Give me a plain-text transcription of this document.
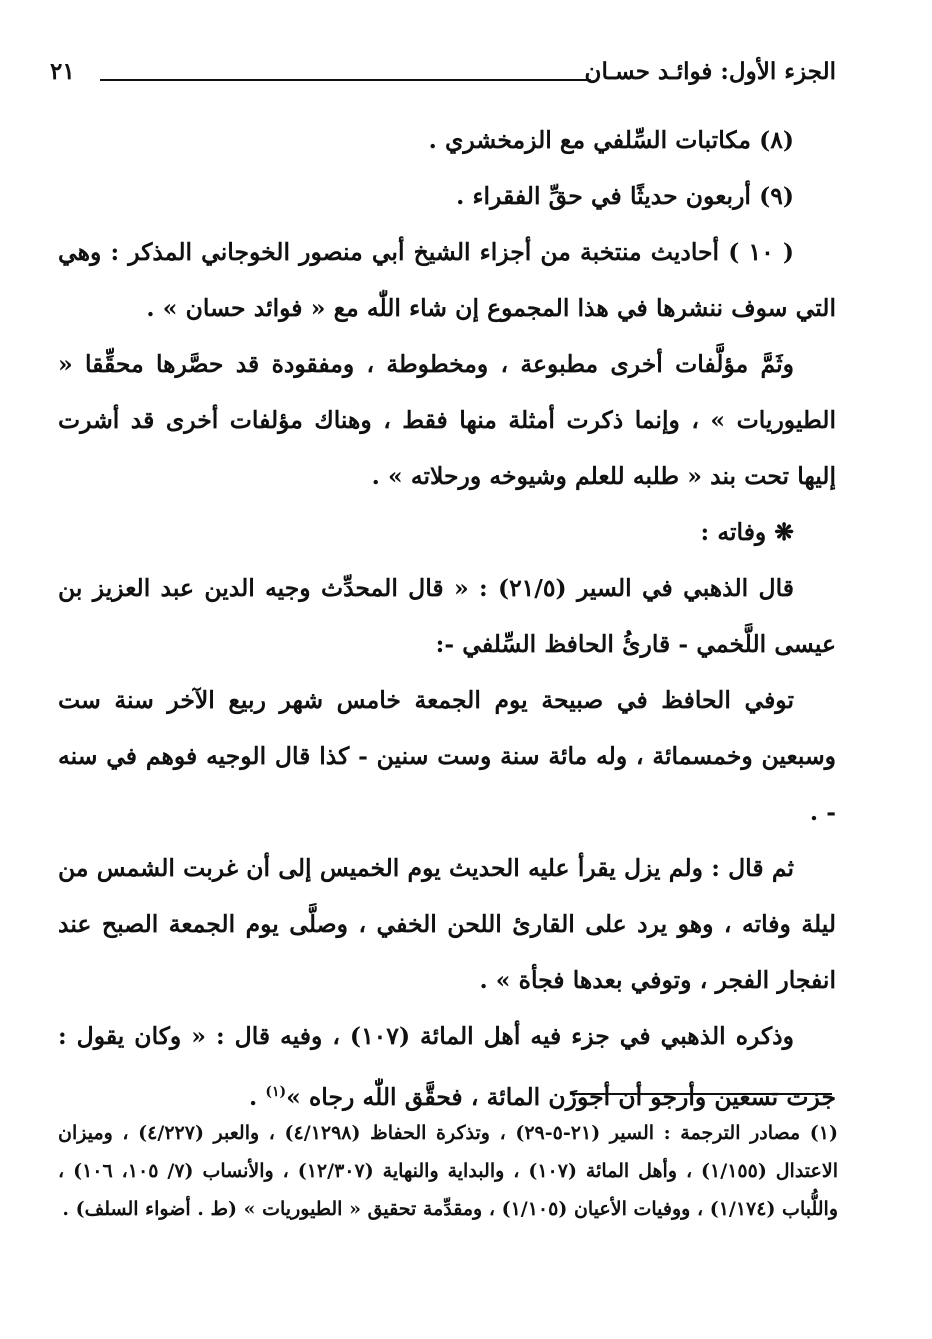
الجزء الأول: فوائـد حسـان
٢١

(٨) مكاتبات السِّلفي مع الزمخشري .

(٩) أربعون حديثًا في حقِّ الفقراء .

( ١٠ ) أحاديث منتخبة من أجزاء الشيخ أبي منصور الخوجاني المذكر : وهي التي سوف ننشرها في هذا المجموع إن شاء اللّٰه مع « فوائد حسان » .

وثَمَّ مؤلَّفات أخرى مطبوعة ، ومخطوطة ، ومفقودة قد حصَّرها محقِّقا « الطيوريات » ، وإنما ذكرت أمثلة منها فقط ، وهناك مؤلفات أخرى قد أشرت إليها تحت بند « طلبه للعلم وشيوخه ورحلاته » .

❋وفاته :

قال الذهبي في السير (٢١/٥) : « قال المحدِّث وجيه الدين عبد العزيز بن عيسى اللَّخمي - قارئُ الحافظ السِّلفي -:

توفي الحافظ في صبيحة يوم الجمعة خامس شهر ربيع الآخر سنة ست وسبعين وخمسمائة ، وله مائة سنة وست سنين - كذا قال الوجيه فوهم في سنه - .

ثم قال : ولم يزل يقرأ عليه الحديث يوم الخميس إلى أن غربت الشمس من ليلة وفاته ، وهو يرد على القارئ اللحن الخفي ، وصلَّى يوم الجمعة الصبح عند انفجار الفجر ، وتوفي بعدها فجأة » .

وذكره الذهبي في جزء فيه أهل المائة (١٠٧) ، وفيه قال : « وكان يقول : جزت تسعين وأرجو أن أجوزَن المائة ، فحقَّق اللّٰه رجاه »$^{(١)}$ .

(١) مصادر الترجمة : السير (٢١-٥-٢٩) ، وتذكرة الحفاظ (٤/١٢٩٨) ، والعبر (٤/٢٢٧) ، وميزان الاعتدال (١/١٥٥) ، وأهل المائة (١٠٧) ، والبداية والنهاية (١٢/٣٠٧) ، والأنساب (٧/ ١٠٥، ١٠٦) ، واللُّباب (١/١٧٤) ، ووفيات الأعيان (١/١٠٥) ، ومقدِّمة تحقيق « الطيوريات » (ط . أضواء السلف) .
